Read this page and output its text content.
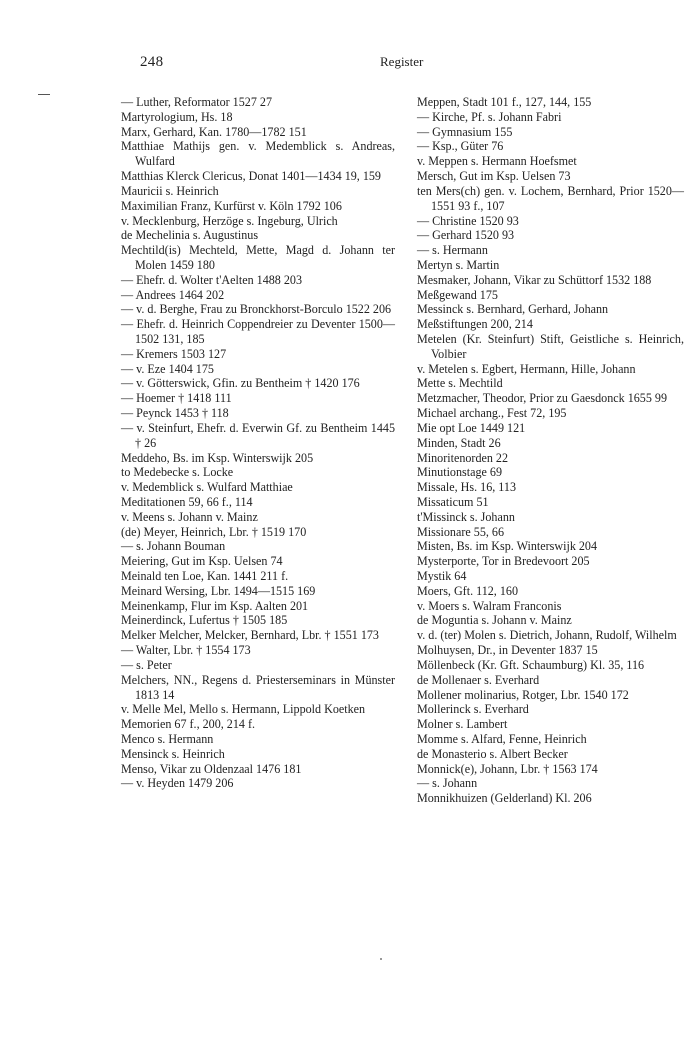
248	Register

— Luther, Reformator 1527 27

Martyrologium, Hs. 18

Marx, Gerhard, Kan. 1780—1782 151

Matthiae Mathijs gen. v. Medemblick s. Andreas, Wulfard

Matthias Klerck Clericus, Donat 1401—1434 19, 159

Mauricii s. Heinrich

Maximilian Franz, Kurfürst v. Köln 1792 106

v. Mecklenburg, Herzöge s. Ingeburg, Ulrich

de Mechelinia s. Augustinus

Mechtild(is) Mechteld, Mette, Magd d. Johann ter Molen 1459 180

— Ehefr. d. Wolter t'Aelten 1488 203

— Andrees 1464 202

— v. d. Berghe, Frau zu Bronckhorst-Borculo 1522 206

— Ehefr. d. Heinrich Coppendreier zu Deventer 1500—1502 131, 185

— Kremers 1503 127

— v. Eze 1404 175

— v. Götterswick, Gfin. zu Bentheim † 1420 176

— Hoemer † 1418 111

— Peynck 1453 † 118

— v. Steinfurt, Ehefr. d. Everwin Gf. zu Bentheim 1445 † 26

Meddeho, Bs. im Ksp. Winterswijk 205

to Medebecke s. Locke

v. Medemblick s. Wulfard Matthiae

Meditationen 59, 66 f., 114

v. Meens s. Johann v. Mainz

(de) Meyer, Heinrich, Lbr. † 1519 170

— s. Johann Bouman

Meiering, Gut im Ksp. Uelsen 74

Meinald ten Loe, Kan. 1441 211 f.

Meinard Wersing, Lbr. 1494—1515 169

Meinenkamp, Flur im Ksp. Aalten 201

Meinerdinck, Lufertus † 1505 185

Melker Melcher, Melcker, Bernhard, Lbr. † 1551 173

— Walter, Lbr. † 1554 173

— s. Peter

Melchers, NN., Regens d. Priesterseminars in Münster 1813 14

v. Melle Mel, Mello s. Hermann, Lippold Koetken

Memorien 67 f., 200, 214 f.

Menco s. Hermann

Mensinck s. Heinrich

Menso, Vikar zu Oldenzaal 1476 181

— v. Heyden 1479 206

Meppen, Stadt 101 f., 127, 144, 155

— Kirche, Pf. s. Johann Fabri

— Gymnasium 155

— Ksp., Güter 76

v. Meppen s. Hermann Hoefsmet

Mersch, Gut im Ksp. Uelsen 73

ten Mers(ch) gen. v. Lochem, Bernhard, Prior 1520—1551 93 f., 107

— Christine 1520 93

— Gerhard 1520 93

— s. Hermann

Mertyn s. Martin

Mesmaker, Johann, Vikar zu Schüttorf 1532 188

Meßgewand 175

Messinck s. Bernhard, Gerhard, Johann

Meßstiftungen 200, 214

Metelen (Kr. Steinfurt) Stift, Geistliche s. Heinrich, Volbier

v. Metelen s. Egbert, Hermann, Hille, Johann

Mette s. Mechtild

Metzmacher, Theodor, Prior zu Gaesdonck 1655 99

Michael archang., Fest 72, 195

Mie opt Loe 1449 121

Minden, Stadt 26

Minoritenorden 22

Minutionstage 69

Missale, Hs. 16, 113

Missaticum 51

t'Missinck s. Johann

Missionare 55, 66

Misten, Bs. im Ksp. Winterswijk 204

Mysterporte, Tor in Bredevoort 205

Mystik 64

Moers, Gft. 112, 160

v. Moers s. Walram Franconis

de Moguntia s. Johann v. Mainz

v. d. (ter) Molen s. Dietrich, Johann, Rudolf, Wilhelm

Molhuysen, Dr., in Deventer 1837 15

Möllenbeck (Kr. Gft. Schaumburg) Kl. 35, 116

de Mollenaer s. Everhard

Mollener molinarius, Rotger, Lbr. 1540 172

Mollerinck s. Everhard

Molner s. Lambert

Momme s. Alfard, Fenne, Heinrich

de Monasterio s. Albert Becker

Monnick(e), Johann, Lbr. † 1563 174

— s. Johann

Monnikhuizen (Gelderland) Kl. 206
